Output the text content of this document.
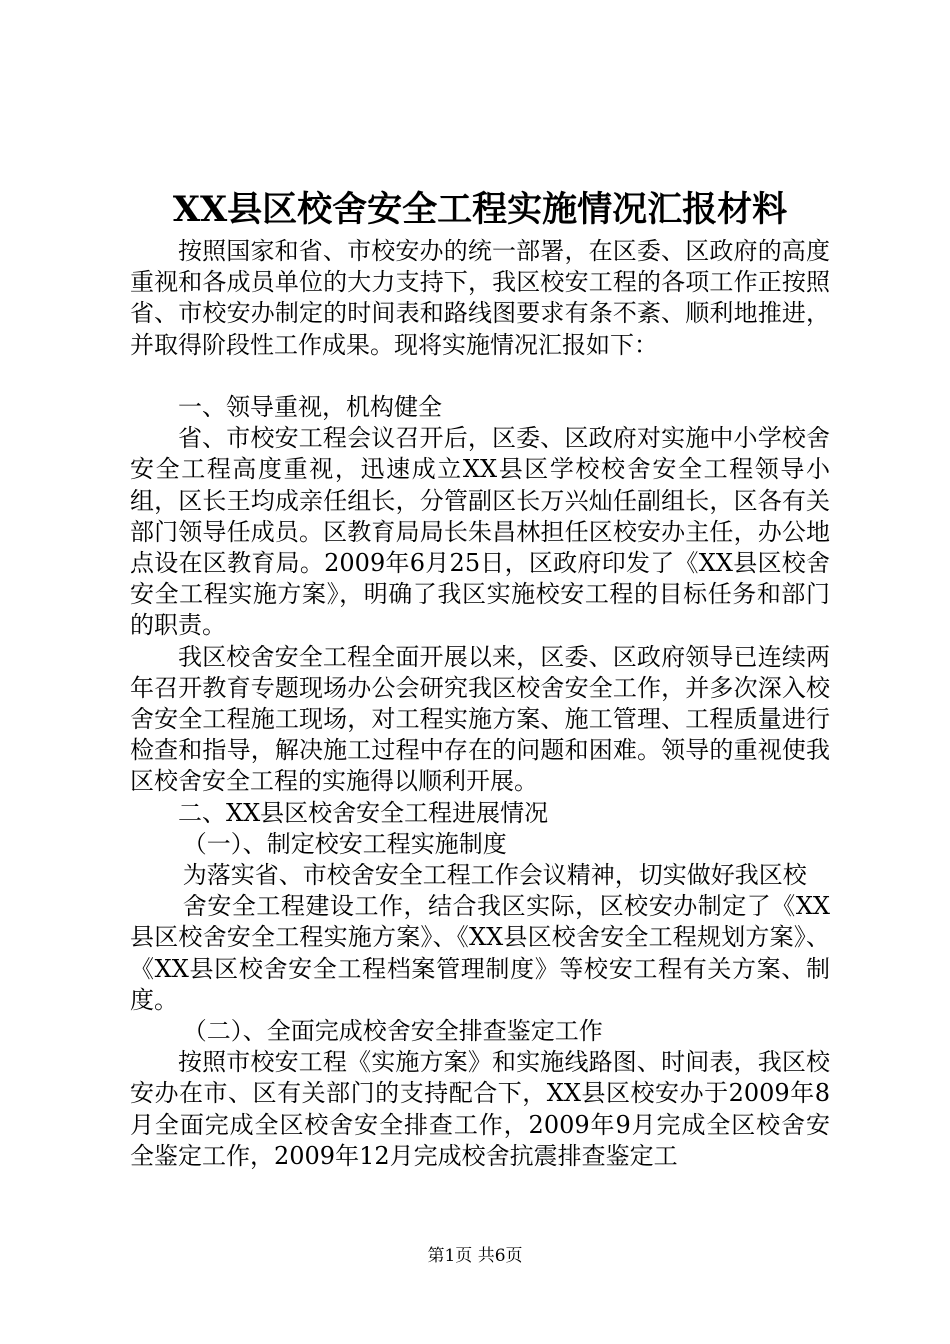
XX县区校舍安全工程实施情况汇报材料

按照国家和省、市校安办的统一部署，在区委、区政府的高度重视和各成员单位的大力支持下，我区校安工程的各项工作正按照省、市校安办制定的时间表和路线图要求有条不紊、顺利地推进，并取得阶段性工作成果。现将实施情况汇报如下：

一、领导重视，机构健全

省、市校安工程会议召开后，区委、区政府对实施中小学校舍安全工程高度重视，迅速成立XX县区学校校舍安全工程领导小组，区长王均成亲任组长，分管副区长万兴灿任副组长，区各有关部门领导任成员。区教育局局长朱昌林担任区校安办主任，办公地点设在区教育局。2009年6月25日，区政府印发了《XX县区校舍安全工程实施方案》，明确了我区实施校安工程的目标任务和部门的职责。

我区校舍安全工程全面开展以来，区委、区政府领导已连续两年召开教育专题现场办公会研究我区校舍安全工作，并多次深入校舍安全工程施工现场，对工程实施方案、施工管理、工程质量进行检查和指导，解决施工过程中存在的问题和困难。领导的重视使我区校舍安全工程的实施得以顺利开展。

二、XX县区校舍安全工程进展情况

（一）、制定校安工程实施制度

为落实省、市校舍安全工程工作会议精神，切实做好我区校

舍安全工程建设工作，结合我区实际，区校安办制定了《XX县区校舍安全工程实施方案》、《XX县区校舍安全工程规划方案》、《XX县区校舍安全工程档案管理制度》等校安工程有关方案、制度。

（二）、全面完成校舍安全排查鉴定工作

按照市校安工程《实施方案》和实施线路图、时间表，我区校安办在市、区有关部门的支持配合下，XX县区校安办于2009年8月全面完成全区校舍安全排查工作，2009年9月完成全区校舍安全鉴定工作，2009年12月完成校舍抗震排查鉴定工

第1页 共6页
